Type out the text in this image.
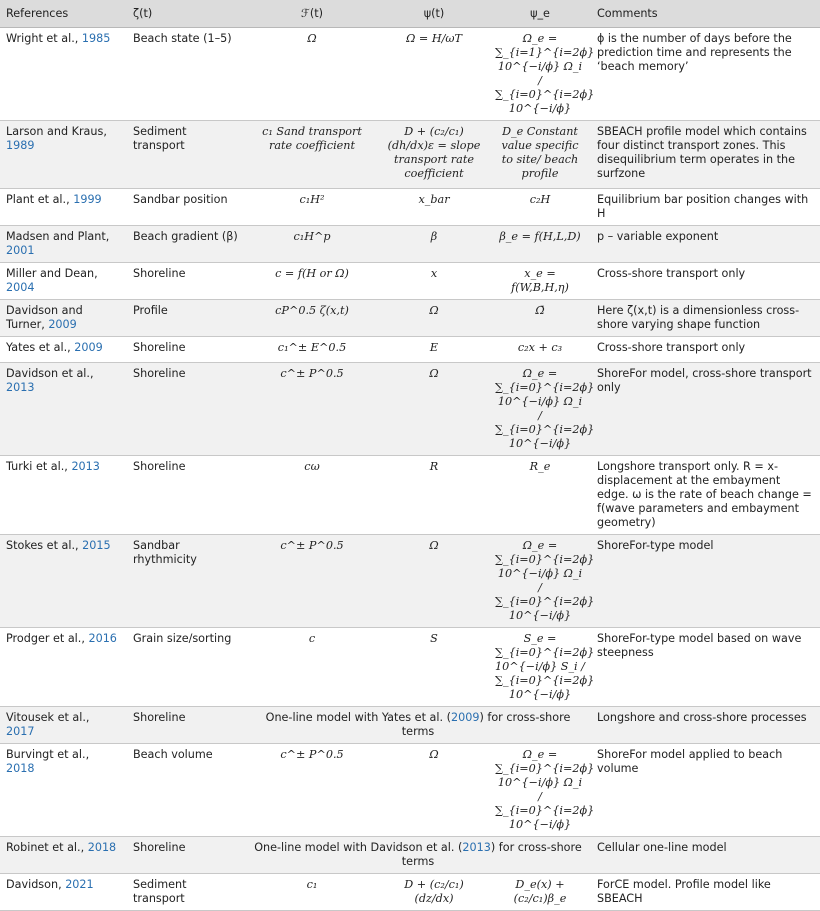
References	ζ(t)	ℱ(t)	ψ(t)	ψ_e	Comments
Wright et al., 1985	Beach state (1–5)	Ω	Ω = H/ωT	Ω_e = ∑_{i=1}^{i=2ϕ} 10^{−i/ϕ} Ω_i / ∑_{i=0}^{i=2ϕ} 10^{−i/ϕ}	ϕ is the number of days before the prediction time and represents the ‘beach memory’
Larson and Kraus, 1989	Sediment transport	c₁ Sand transport rate coefficient	D + (c₂/c₁)(dh/dx)ε = slope transport rate coefficient	D_e Constant value specific to site/ beach profile	SBEACH profile model which contains four distinct transport zones. This disequilibrium term operates in the surfzone
Plant et al., 1999	Sandbar position	c₁H²	x_bar	c₂H	Equilibrium bar position changes with H
Madsen and Plant, 2001	Beach gradient (β)	c₁H^p	β	β_e = f(H,L,D)	p – variable exponent
Miller and Dean, 2004	Shoreline	c = f(H or Ω)	x	x_e = f(W,B,H,η)	Cross-shore transport only
Davidson and Turner, 2009	Profile	cP^0.5 ζ(x,t)	Ω	Ω̄	Here ζ(x,t) is a dimensionless cross-shore varying shape function
Yates et al., 2009	Shoreline	c₁^± E^0.5	E	c₂x + c₃	Cross-shore transport only
Davidson et al., 2013	Shoreline	c^± P^0.5	Ω	Ω_e = ∑_{i=0}^{i=2ϕ} 10^{−i/ϕ} Ω_i / ∑_{i=0}^{i=2ϕ} 10^{−i/ϕ}	ShoreFor model, cross-shore transport only
Turki et al., 2013	Shoreline	cω	R	R_e	Longshore transport only. R = x-displacement at the embayment edge. ω is the rate of beach change = f(wave parameters and embayment geometry)
Stokes et al., 2015	Sandbar rhythmicity	c^± P^0.5	Ω	Ω_e = ∑_{i=0}^{i=2ϕ} 10^{−i/ϕ} Ω_i / ∑_{i=0}^{i=2ϕ} 10^{−i/ϕ}	ShoreFor-type model
Prodger et al., 2016	Grain size/sorting	c	S	S_e = ∑_{i=0}^{i=2ϕ} 10^{−i/ϕ} S_i / ∑_{i=0}^{i=2ϕ} 10^{−i/ϕ}	ShoreFor-type model based on wave steepness
Vitousek et al., 2017	Shoreline	One-line model with Yates et al. (2009) for cross-shore terms			Longshore and cross-shore processes
Burvingt et al., 2018	Beach volume	c^± P^0.5	Ω	Ω_e = ∑_{i=0}^{i=2ϕ} 10^{−i/ϕ} Ω_i / ∑_{i=0}^{i=2ϕ} 10^{−i/ϕ}	ShoreFor model applied to beach volume
Robinet et al., 2018	Shoreline	One-line model with Davidson et al. (2013) for cross-shore terms			Cellular one-line model
Davidson, 2021	Sediment transport	c₁	D + (c₂/c₁)(dz/dx)	D_e(x) + (c₂/c₁)β_e	ForCE model. Profile model like SBEACH
